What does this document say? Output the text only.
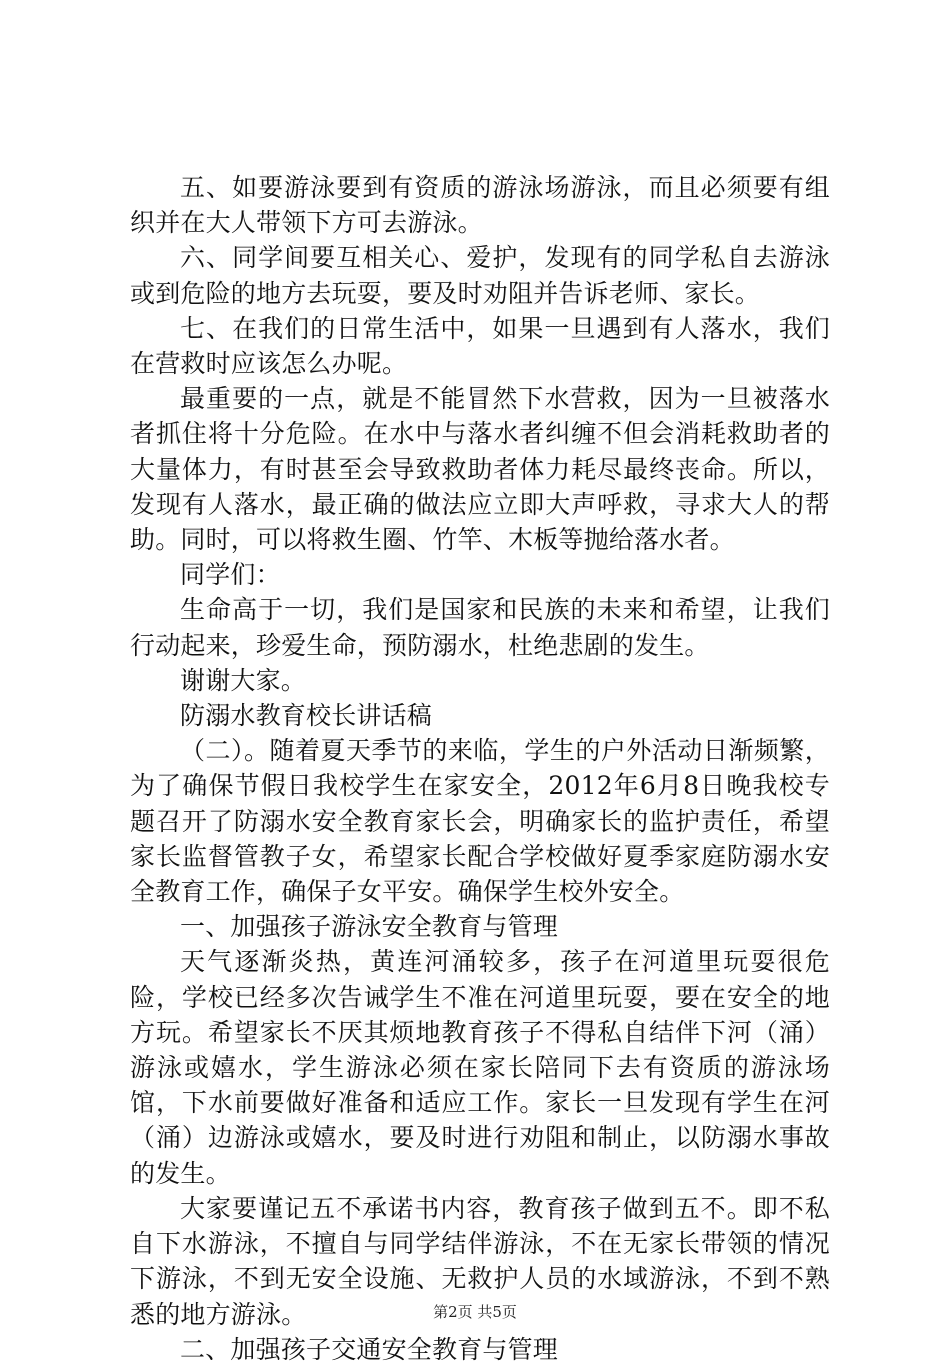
五、如要游泳要到有资质的游泳场游泳，而且必须要有组织并在大人带领下方可去游泳。

六、同学间要互相关心、爱护，发现有的同学私自去游泳或到危险的地方去玩耍，要及时劝阻并告诉老师、家长。

七、在我们的日常生活中，如果一旦遇到有人落水，我们在营救时应该怎么办呢。

最重要的一点，就是不能冒然下水营救，因为一旦被落水者抓住将十分危险。在水中与落水者纠缠不但会消耗救助者的大量体力，有时甚至会导致救助者体力耗尽最终丧命。所以，发现有人落水，最正确的做法应立即大声呼救，寻求大人的帮助。同时，可以将救生圈、竹竿、木板等抛给落水者。

同学们：

生命高于一切，我们是国家和民族的未来和希望，让我们行动起来，珍爱生命，预防溺水，杜绝悲剧的发生。

谢谢大家。

防溺水教育校长讲话稿

（二）。随着夏天季节的来临，学生的户外活动日渐频繁，为了确保节假日我校学生在家安全，2012年6月8日晚我校专题召开了防溺水安全教育家长会，明确家长的监护责任，希望家长监督管教子女，希望家长配合学校做好夏季家庭防溺水安全教育工作，确保子女平安。确保学生校外安全。

一、加强孩子游泳安全教育与管理

天气逐渐炎热，黄连河涌较多，孩子在河道里玩耍很危险，学校已经多次告诫学生不准在河道里玩耍，要在安全的地方玩。希望家长不厌其烦地教育孩子不得私自结伴下河（涌）游泳或嬉水，学生游泳必须在家长陪同下去有资质的游泳场馆，下水前要做好准备和适应工作。家长一旦发现有学生在河（涌）边游泳或嬉水，要及时进行劝阻和制止，以防溺水事故的发生。

大家要谨记五不承诺书内容，教育孩子做到五不。即不私自下水游泳，不擅自与同学结伴游泳，不在无家长带领的情况下游泳，不到无安全设施、无救护人员的水域游泳，不到不熟悉的地方游泳。

二、加强孩子交通安全教育与管理

第2页 共5页
